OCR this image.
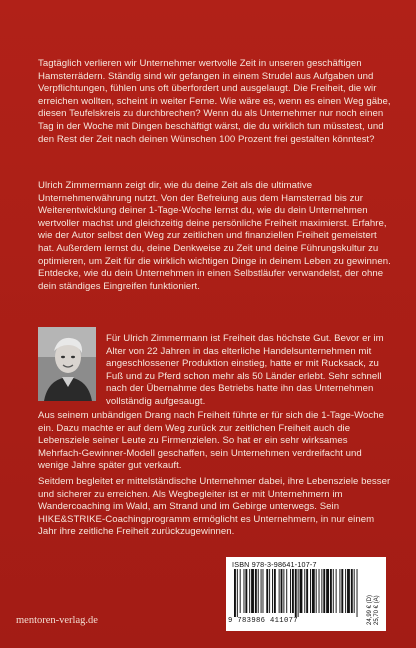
Tagtäglich verlieren wir Unternehmer wertvolle Zeit in unseren geschäftigen Hamsterrädern. Ständig sind wir gefangen in einem Strudel aus Aufgaben und Verpflichtungen, fühlen uns oft überfordert und ausgelaugt. Die Freiheit, die wir erreichen wollten, scheint in weiter Ferne. Wie wäre es, wenn es einen Weg gäbe, diesen Teufelskreis zu durchbrechen? Wenn du als Unternehmer nur noch einen Tag in der Woche mit Dingen beschäftigt wärst, die du wirklich tun müsstest, und den Rest der Zeit nach deinen Wünschen 100 Prozent frei gestalten könntest?

Ulrich Zimmermann zeigt dir, wie du deine Zeit als die ultimative Unternehmerwährung nutzt. Von der Befreiung aus dem Hamsterrad bis zur Weiterentwicklung deiner 1-Tage-Woche lernst du, wie du dein Unternehmen wertvoller machst und gleichzeitig deine persönliche Freiheit maximierst. Erfahre, wie der Autor selbst den Weg zur zeitlichen und finanziellen Freiheit gemeistert hat. Außerdem lernst du, deine Denkweise zu Zeit und deine Führungskultur zu optimieren, um Zeit für die wirklich wichtigen Dinge in deinem Leben zu gewinnen. Entdecke, wie du dein Unternehmen in einen Selbstläufer verwandelst, der ohne dein ständiges Eingreifen funktioniert.

Für Ulrich Zimmermann ist Freiheit das höchste Gut. Bevor er im Alter von 22 Jahren in das elterliche Handelsunternehmen mit angeschlossener Produktion einstieg, hatte er mit Rucksack, zu Fuß und zu Pferd schon mehr als 50 Länder erlebt. Sehr schnell nach der Übernahme des Betriebs hatte ihn das Unternehmen vollständig aufgesaugt.

Aus seinem unbändigen Drang nach Freiheit führte er für sich die 1-Tage-Woche ein. Dazu machte er auf dem Weg zurück zur zeitlichen Freiheit auch die Lebensziele seiner Leute zu Firmenzielen. So hat er ein sehr wirksames Mehrfach-Gewinner-Modell geschaffen, sein Unternehmen verdreifacht und wenige Jahre später gut verkauft.

Seitdem begleitet er mittelständische Unternehmer dabei, ihre Lebensziele besser und sicherer zu erreichen. Als Wegbegleiter ist er mit Unternehmern im Wandercoaching im Wald, am Strand und im Gebirge unterwegs. Sein HIKE&STRIKE-Coachingprogramm ermöglicht es Unternehmern, in nur einem Jahr ihre zeitliche Freiheit zurückzugewinnen.

mentoren-verlag.de
ISBN 978-3-98641-107-7
9 783986 411077	24,99 € (D) 25,70 € (A)
